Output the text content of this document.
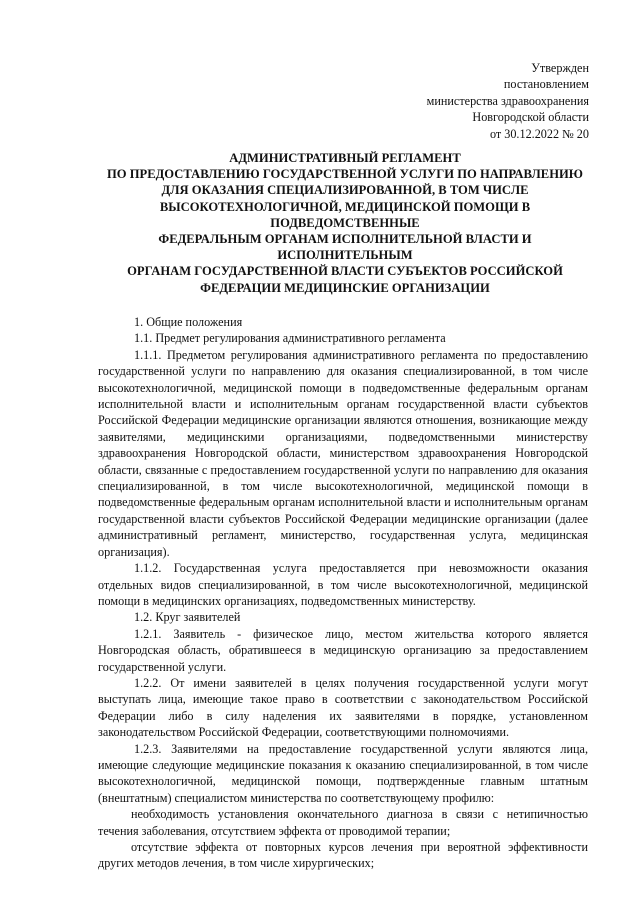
Утвержден
постановлением
министерства здравоохранения
Новгородской области
от 30.12.2022 № 20
АДМИНИСТРАТИВНЫЙ РЕГЛАМЕНТ
ПО ПРЕДОСТАВЛЕНИЮ ГОСУДАРСТВЕННОЙ УСЛУГИ ПО НАПРАВЛЕНИЮ
ДЛЯ ОКАЗАНИЯ СПЕЦИАЛИЗИРОВАННОЙ, В ТОМ ЧИСЛЕ
ВЫСОКОТЕХНОЛОГИЧНОЙ, МЕДИЦИНСКОЙ ПОМОЩИ В
ПОДВЕДОМСТВЕННЫЕ
ФЕДЕРАЛЬНЫМ ОРГАНАМ ИСПОЛНИТЕЛЬНОЙ ВЛАСТИ И
ИСПОЛНИТЕЛЬНЫМ
ОРГАНАМ ГОСУДАРСТВЕННОЙ ВЛАСТИ СУБЪЕКТОВ РОССИЙСКОЙ
ФЕДЕРАЦИИ МЕДИЦИНСКИЕ ОРГАНИЗАЦИИ

1. Общие положения

1.1. Предмет регулирования административного регламента

1.1.1. Предметом регулирования административного регламента по предоставлению государственной услуги по направлению для оказания специализированной, в том числе высокотехнологичной, медицинской помощи в подведомственные федеральным органам исполнительной власти и исполнительным органам государственной власти субъектов Российской Федерации медицинские организации являются отношения, возникающие между заявителями, медицинскими организациями, подведомственными министерству здравоохранения Новгородской области, министерством здравоохранения Новгородской области, связанные с предоставлением государственной услуги по направлению для оказания специализированной, в том числе высокотехнологичной, медицинской помощи в подведомственные федеральным органам исполнительной власти и исполнительным органам государственной власти субъектов Российской Федерации медицинские организации (далее административный регламент, министерство, государственная услуга, медицинская организация).

1.1.2. Государственная услуга предоставляется при невозможности оказания отдельных видов специализированной, в том числе высокотехнологичной, медицинской помощи в медицинских организациях, подведомственных министерству.

1.2. Круг заявителей

1.2.1. Заявитель - физическое лицо, местом жительства которого является Новгородская область, обратившееся в медицинскую организацию за предоставлением государственной услуги.

1.2.2. От имени заявителей в целях получения государственной услуги могут выступать лица, имеющие такое право в соответствии с законодательством Российской Федерации либо в силу наделения их заявителями в порядке, установленном законодательством Российской Федерации, соответствующими полномочиями.

1.2.3. Заявителями на предоставление государственной услуги являются лица, имеющие следующие медицинские показания к оказанию специализированной, в том числе высокотехнологичной, медицинской помощи, подтвержденные главным штатным (внештатным) специалистом министерства по соответствующему профилю:

необходимость установления окончательного диагноза в связи с нетипичностью течения заболевания, отсутствием эффекта от проводимой терапии;

отсутствие эффекта от повторных курсов лечения при вероятной эффективности других методов лечения, в том числе хирургических;
